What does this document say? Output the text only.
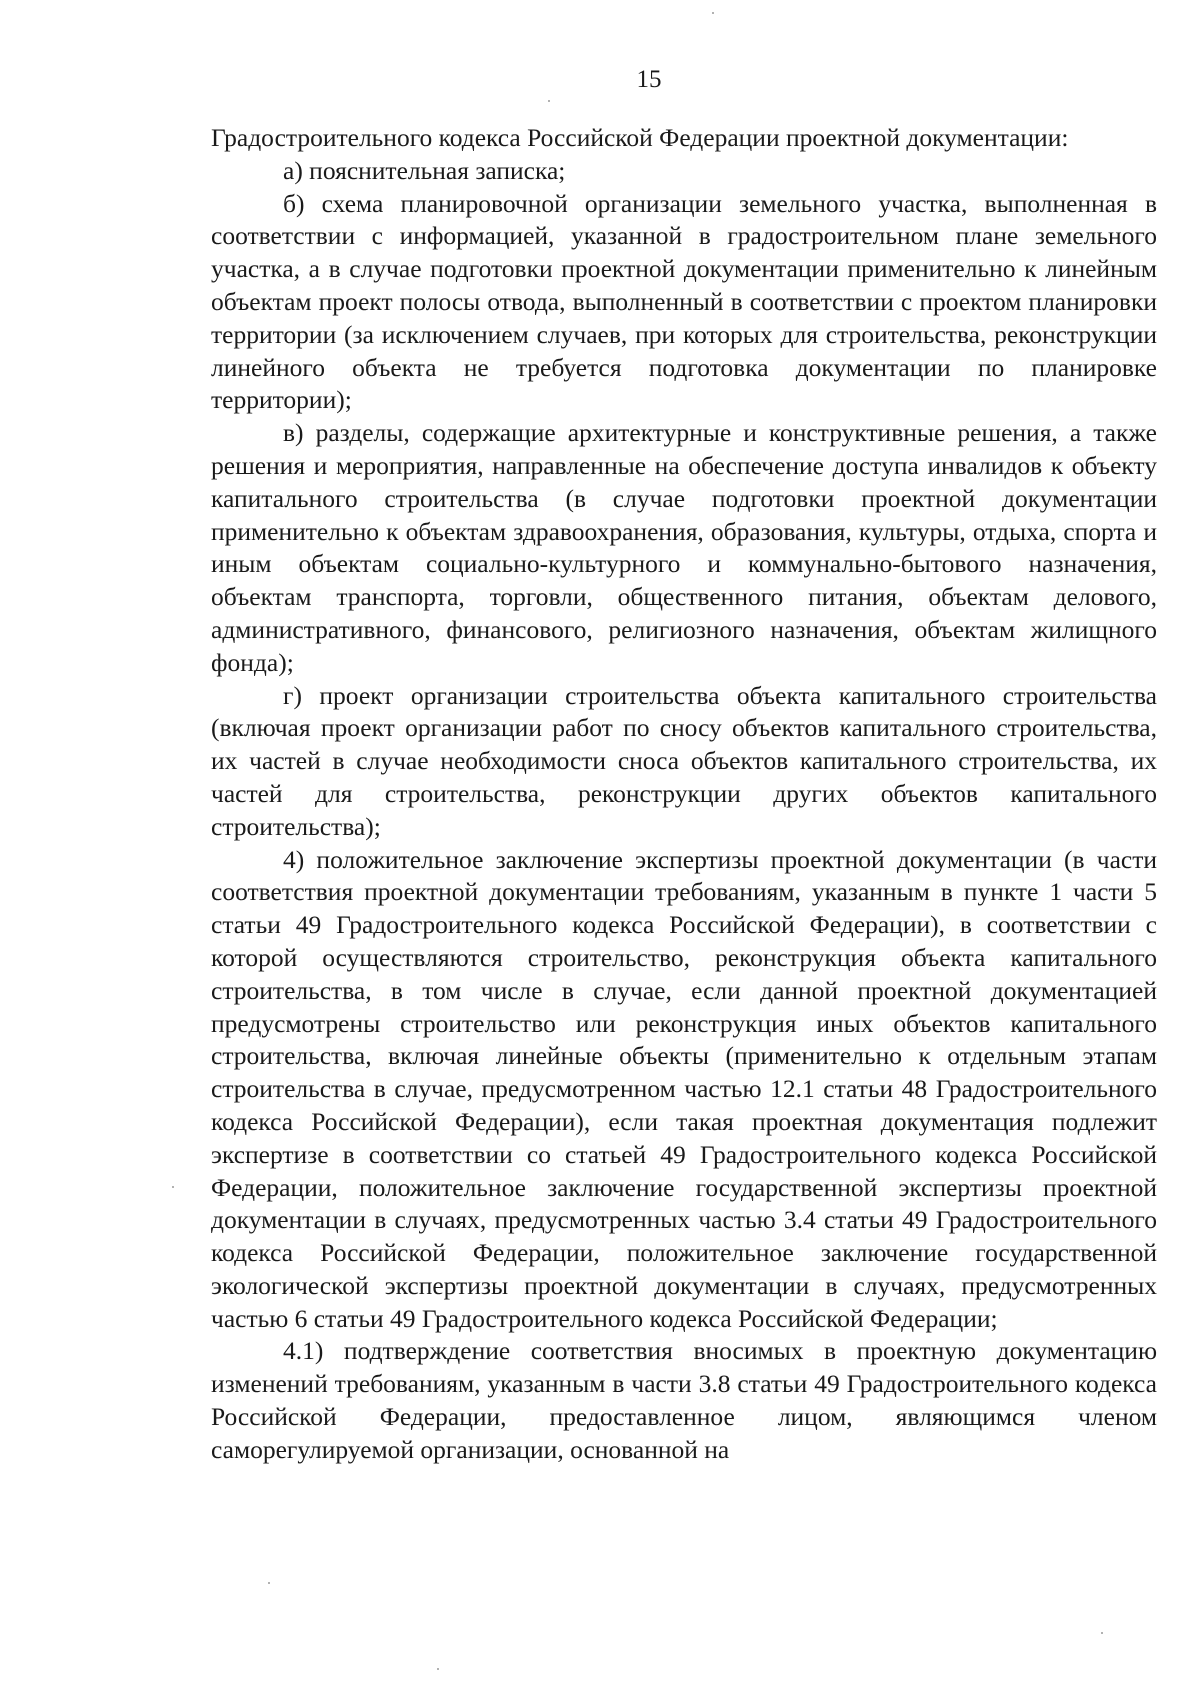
15

Градостроительного кодекса Российской Федерации проектной документации:

а) пояснительная записка;

б) схема планировочной организации земельного участка, выполненная в соответствии с информацией, указанной в градостроительном плане земельного участка, а в случае подготовки проектной документации применительно к линейным объектам проект полосы отвода, выполненный в соответствии с проектом планировки территории (за исключением случаев, при которых для строительства, реконструкции линейного объекта не требуется подготовка документации по планировке территории);

в) разделы, содержащие архитектурные и конструктивные решения, а также решения и мероприятия, направленные на обеспечение доступа инвалидов к объекту капитального строительства (в случае подготовки проектной документации применительно к объектам здравоохранения, образования, культуры, отдыха, спорта и иным объектам социально-культурного и коммунально-бытового назначения, объектам транспорта, торговли, общественного питания, объектам делового, административного, финансового, религиозного назначения, объектам жилищного фонда);

г) проект организации строительства объекта капитального строительства (включая проект организации работ по сносу объектов капитального строительства, их частей в случае необходимости сноса объектов капитального строительства, их частей для строительства, реконструкции других объектов капитального строительства);

4) положительное заключение экспертизы проектной документации (в части соответствия проектной документации требованиям, указанным в пункте 1 части 5 статьи 49 Градостроительного кодекса Российской Федерации), в соответствии с которой осуществляются строительство, реконструкция объекта капитального строительства, в том числе в случае, если данной проектной документацией предусмотрены строительство или реконструкция иных объектов капитального строительства, включая линейные объекты (применительно к отдельным этапам строительства в случае, предусмотренном частью 12.1 статьи 48 Градостроительного кодекса Российской Федерации), если такая проектная документация подлежит экспертизе в соответствии со статьей 49 Градостроительного кодекса Российской Федерации, положительное заключение государственной экспертизы проектной документации в случаях, предусмотренных частью 3.4 статьи 49 Градостроительного кодекса Российской Федерации, положительное заключение государственной экологической экспертизы проектной документации в случаях, предусмотренных частью 6 статьи 49 Градостроительного кодекса Российской Федерации;

4.1) подтверждение соответствия вносимых в проектную документацию изменений требованиям, указанным в части 3.8 статьи 49 Градостроительного кодекса Российской Федерации, предоставленное лицом, являющимся членом саморегулируемой организации, основанной на
